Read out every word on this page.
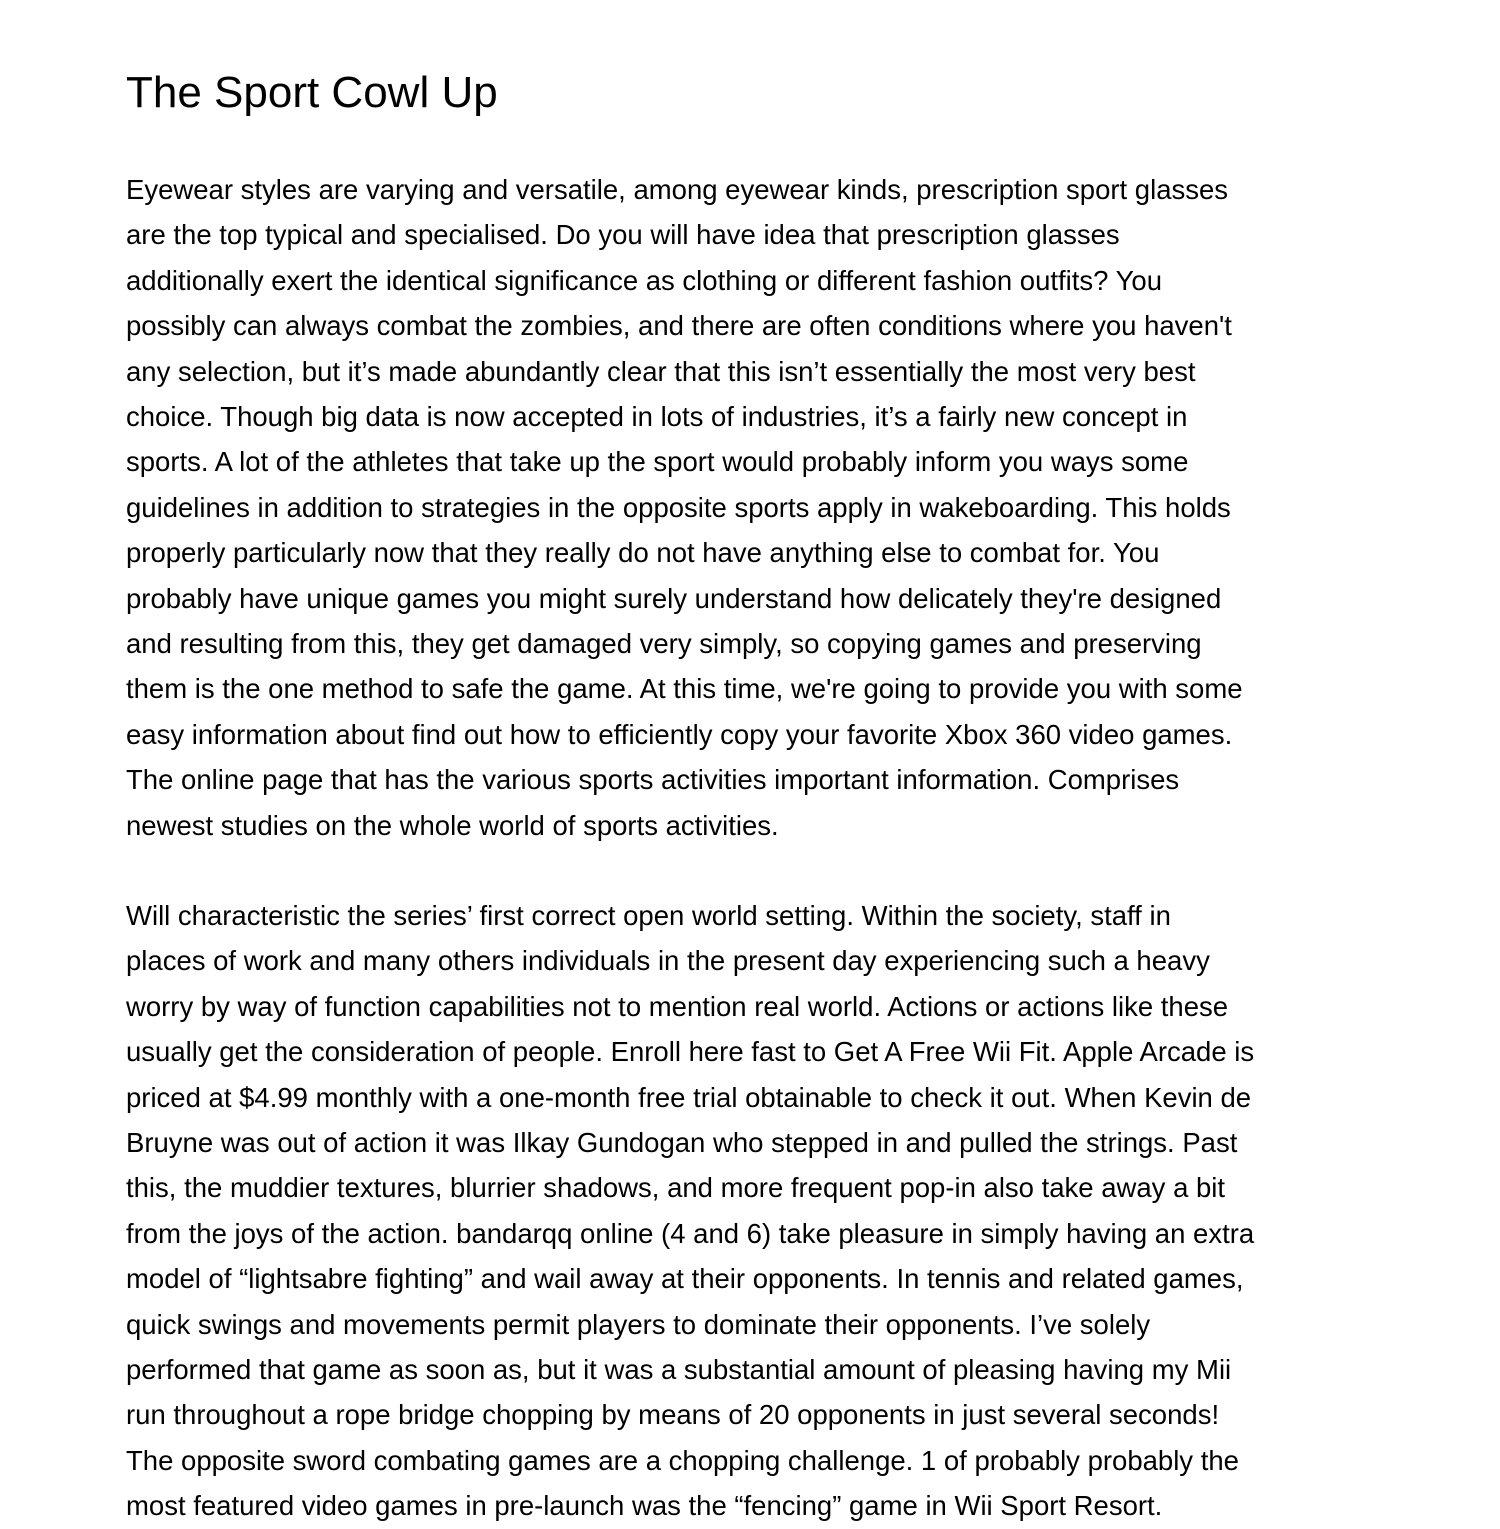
The Sport Cowl Up

Eyewear styles are varying and versatile, among eyewear kinds, prescription sport glasses
are the top typical and specialised. Do you will have idea that prescription glasses
additionally exert the identical significance as clothing or different fashion outfits? You
possibly can always combat the zombies, and there are often conditions where you haven't
any selection, but it’s made abundantly clear that this isn’t essentially the most very best
choice. Though big data is now accepted in lots of industries, it’s a fairly new concept in
sports. A lot of the athletes that take up the sport would probably inform you ways some
guidelines in addition to strategies in the opposite sports apply in wakeboarding. This holds
properly particularly now that they really do not have anything else to combat for. You
probably have unique games you might surely understand how delicately they're designed
and resulting from this, they get damaged very simply, so copying games and preserving
them is the one method to safe the game. At this time, we're going to provide you with some
easy information about find out how to efficiently copy your favorite Xbox 360 video games.
The online page that has the various sports activities important information. Comprises
newest studies on the whole world of sports activities.

Will characteristic the series’ first correct open world setting. Within the society, staff in
places of work and many others individuals in the present day experiencing such a heavy
worry by way of function capabilities not to mention real world. Actions or actions like these
usually get the consideration of people. Enroll here fast to Get A Free Wii Fit. Apple Arcade is
priced at $4.99 monthly with a one-month free trial obtainable to check it out. When Kevin de
Bruyne was out of action it was Ilkay Gundogan who stepped in and pulled the strings. Past
this, the muddier textures, blurrier shadows, and more frequent pop-in also take away a bit
from the joys of the action. bandarqq online (4 and 6) take pleasure in simply having an extra
model of “lightsabre fighting” and wail away at their opponents. In tennis and related games,
quick swings and movements permit players to dominate their opponents. I’ve solely
performed that game as soon as, but it was a substantial amount of pleasing having my Mii
run throughout a rope bridge chopping by means of 20 opponents in just several seconds!
The opposite sword combating games are a chopping challenge. 1 of probably probably the
most featured video games in pre-launch was the “fencing” game in Wii Sport Resort.
